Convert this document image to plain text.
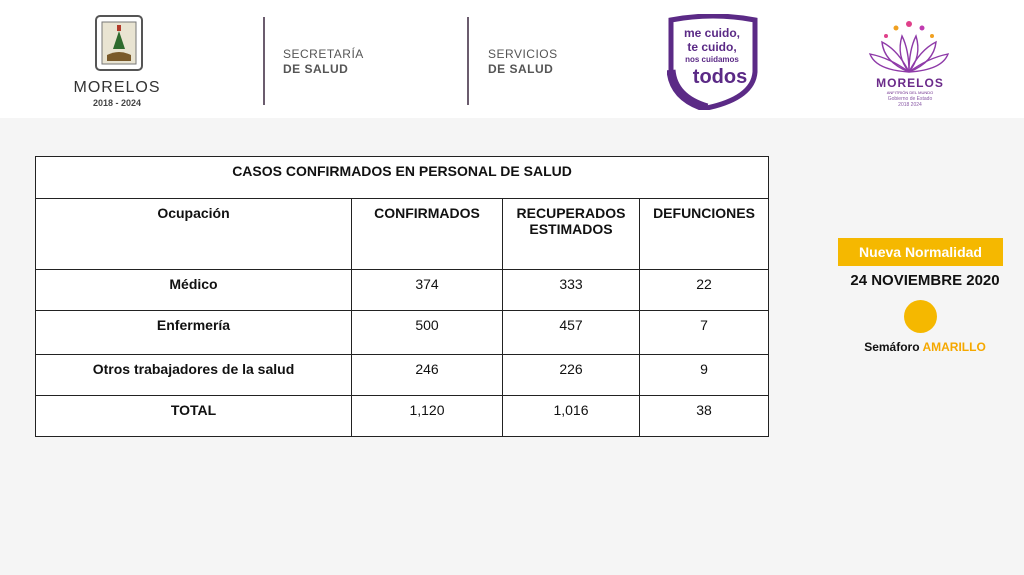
MORELOS
2018 - 2024
SECRETARÍA
DE SALUD
SERVICIOS
DE SALUD
me cuido,
te cuido,
nos cuidamos
todos	MORELOS
ANFITRIÓN DEL MUNDO
Gobierno de Estado
2018 2024
CASOS CONFIRMADOS EN PERSONAL DE SALUD			
Ocupación	CONFIRMADOS	RECUPERADOS ESTIMADOS	DEFUNCIONES
Médico	374	333	22
Enfermería	500	457	7
Otros trabajadores de la salud	246	226	9
TOTAL	1,120	1,016	38
Nueva Normalidad
24 NOVIEMBRE 2020
Semáforo AMARILLO
